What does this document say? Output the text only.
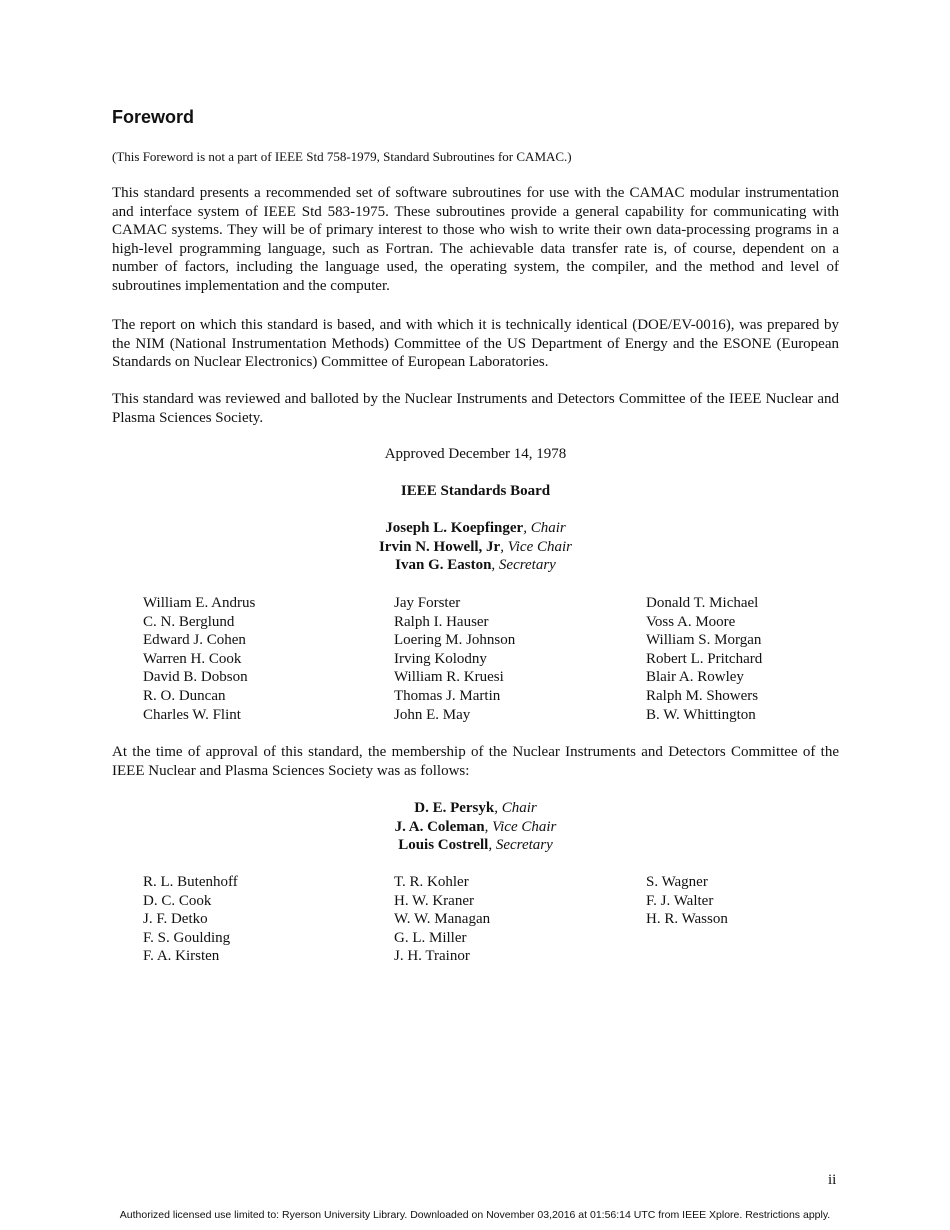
Foreword

(This Foreword is not a part of IEEE Std 758-1979, Standard Subroutines for CAMAC.)

This standard presents a recommended set of software subroutines for use with the CAMAC modular instrumentation and interface system of IEEE Std 583-1975. These subroutines provide a general capability for communicating with CAMAC systems. They will be of primary interest to those who wish to write their own data-processing programs in a high-level programming language, such as Fortran. The achievable data transfer rate is, of course, dependent on a number of factors, including the language used, the operating system, the compiler, and the method and level of subroutines implementation and the computer.

The report on which this standard is based, and with which it is technically identical (DOE/EV-0016), was prepared by the NIM (National Instrumentation Methods) Committee of the US Department of Energy and the ESONE (European Standards on Nuclear Electronics) Committee of European Laboratories.

This standard was reviewed and balloted by the Nuclear Instruments and Detectors Committee of the IEEE Nuclear and Plasma Sciences Society.

Approved December 14, 1978

IEEE Standards Board

Joseph L. Koepfinger, Chair
Irvin N. Howell, Jr, Vice Chair
Ivan G. Easton, Secretary
William E. Andrus
C. N. Berglund
Edward J. Cohen
Warren H. Cook
David B. Dobson
R. O. Duncan
Charles W. Flint
Jay Forster
Ralph I. Hauser
Loering M. Johnson
Irving Kolodny
William R. Kruesi
Thomas J. Martin
John E. May
Donald T. Michael
Voss A. Moore
William S. Morgan
Robert L. Pritchard
Blair A. Rowley
Ralph M. Showers
B. W. Whittington

At the time of approval of this standard, the membership of the Nuclear Instruments and Detectors Committee of the IEEE Nuclear and Plasma Sciences Society was as follows:

D. E. Persyk, Chair
J. A. Coleman, Vice Chair
Louis Costrell, Secretary
R. L. Butenhoff
D. C. Cook
J. F. Detko
F. S. Goulding
F. A. Kirsten
T. R. Kohler
H. W. Kraner
W. W. Managan
G. L. Miller
J. H. Trainor
S. Wagner
F. J. Walter
H. R. Wasson
ii
Authorized licensed use limited to: Ryerson University Library. Downloaded on November 03,2016 at 01:56:14 UTC from IEEE Xplore. Restrictions apply.
